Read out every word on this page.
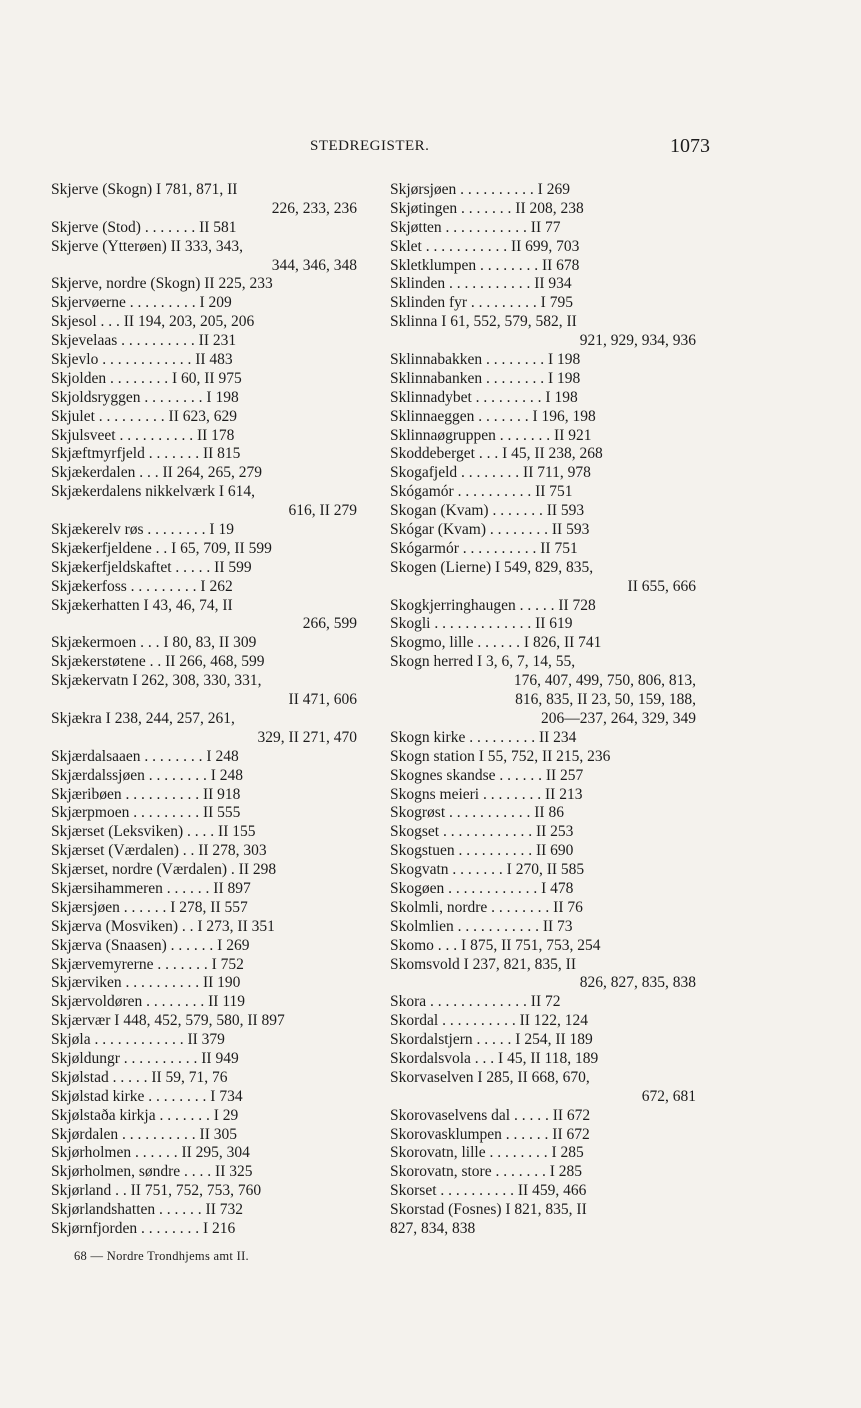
STEDREGISTER.	1073
Skjerve (Skogn) I 781, 871, II
226, 233, 236
Skjerve (Stod) . . . . . . . II 581
Skjerve (Ytterøen) II 333, 343,
344, 346, 348
Skjerve, nordre (Skogn) II 225, 233
Skjervøerne . . . . . . . . . I 209
Skjesol . . . II 194, 203, 205, 206
Skjevelaas . . . . . . . . . . II 231
Skjevlo . . . . . . . . . . . . II 483
Skjolden . . . . . . . . I 60, II 975
Skjoldsryggen . . . . . . . . I 198
Skjulet . . . . . . . . . II 623, 629
Skjulsveet . . . . . . . . . . II 178
Skjæftmyrfjeld . . . . . . . II 815
Skjækerdalen . . . II 264, 265, 279
Skjækerdalens nikkelværk I 614,
616, II 279
Skjækerelv røs . . . . . . . . I 19
Skjækerfjeldene . . I 65, 709, II 599
Skjækerfjeldskaftet . . . . . II 599
Skjækerfoss . . . . . . . . . I 262
Skjækerhatten I 43, 46, 74, II
266, 599
Skjækermoen . . . I 80, 83, II 309
Skjækerstøtene . . II 266, 468, 599
Skjækervatn I 262, 308, 330, 331,
II 471, 606
Skjækra I 238, 244, 257, 261,
329, II 271, 470
Skjærdalsaaen . . . . . . . . I 248
Skjærdalssjøen . . . . . . . . I 248
Skjæribøen . . . . . . . . . . II 918
Skjærpmoen . . . . . . . . . II 555
Skjærset (Leksviken) . . . . II 155
Skjærset (Værdalen) . . II 278, 303
Skjærset, nordre (Værdalen) . II 298
Skjærsihammeren . . . . . . II 897
Skjærsjøen . . . . . . I 278, II 557
Skjærva (Mosviken) . . I 273, II 351
Skjærva (Snaasen) . . . . . . I 269
Skjærvemyrerne . . . . . . . I 752
Skjærviken . . . . . . . . . . II 190
Skjærvoldøren . . . . . . . . II 119
Skjærvær I 448, 452, 579, 580, II 897
Skjøla . . . . . . . . . . . . II 379
Skjøldungr . . . . . . . . . . II 949
Skjølstad . . . . . II 59, 71, 76
Skjølstad kirke . . . . . . . . I 734
Skjølstaða kirkja . . . . . . . I 29
Skjørdalen . . . . . . . . . . II 305
Skjørholmen . . . . . . II 295, 304
Skjørholmen, søndre . . . . II 325
Skjørland . . II 751, 752, 753, 760
Skjørlandshatten . . . . . . II 732
Skjørnfjorden . . . . . . . . I 216
Skjørsjøen . . . . . . . . . . I 269
Skjøtingen . . . . . . . II 208, 238
Skjøtten . . . . . . . . . . . II 77
Sklet . . . . . . . . . . . II 699, 703
Skletklumpen . . . . . . . . II 678
Sklinden . . . . . . . . . . . II 934
Sklinden fyr . . . . . . . . . I 795
Sklinna I 61, 552, 579, 582, II
921, 929, 934, 936
Sklinnabakken . . . . . . . . I 198
Sklinnabanken . . . . . . . . I 198
Sklinnadybet . . . . . . . . . I 198
Sklinnaeggen . . . . . . . I 196, 198
Sklinnaøgruppen . . . . . . . II 921
Skoddeberget . . . I 45, II 238, 268
Skogafjeld . . . . . . . . II 711, 978
Skógamór . . . . . . . . . . II 751
Skogan (Kvam) . . . . . . . II 593
Skógar (Kvam) . . . . . . . . II 593
Skógarmór . . . . . . . . . . II 751
Skogen (Lierne) I 549, 829, 835,
II 655, 666
Skogkjerringhaugen . . . . . II 728
Skogli . . . . . . . . . . . . . II 619
Skogmo, lille . . . . . . I 826, II 741
Skogn herred I 3, 6, 7, 14, 55,
176, 407, 499, 750, 806, 813,
816, 835, II 23, 50, 159, 188,
206—237, 264, 329, 349
Skogn kirke . . . . . . . . . II 234
Skogn station I 55, 752, II 215, 236
Skognes skandse . . . . . . II 257
Skogns meieri . . . . . . . . II 213
Skogrøst . . . . . . . . . . . II 86
Skogset . . . . . . . . . . . . II 253
Skogstuen . . . . . . . . . . II 690
Skogvatn . . . . . . . I 270, II 585
Skogøen . . . . . . . . . . . . I 478
Skolmli, nordre . . . . . . . . II 76
Skolmlien . . . . . . . . . . . II 73
Skomo . . . I 875, II 751, 753, 254
Skomsvold I 237, 821, 835, II
826, 827, 835, 838
Skora . . . . . . . . . . . . . II 72
Skordal . . . . . . . . . . II 122, 124
Skordalstjern . . . . . I 254, II 189
Skordalsvola . . . I 45, II 118, 189
Skorvaselven I 285, II 668, 670,
672, 681
Skorovaselvens dal . . . . . II 672
Skorovasklumpen . . . . . . II 672
Skorovatn, lille . . . . . . . . I 285
Skorovatn, store . . . . . . . I 285
Skorset . . . . . . . . . . II 459, 466
Skorstad (Fosnes) I 821, 835, II
827, 834, 838
68 — Nordre Trondhjems amt II.
